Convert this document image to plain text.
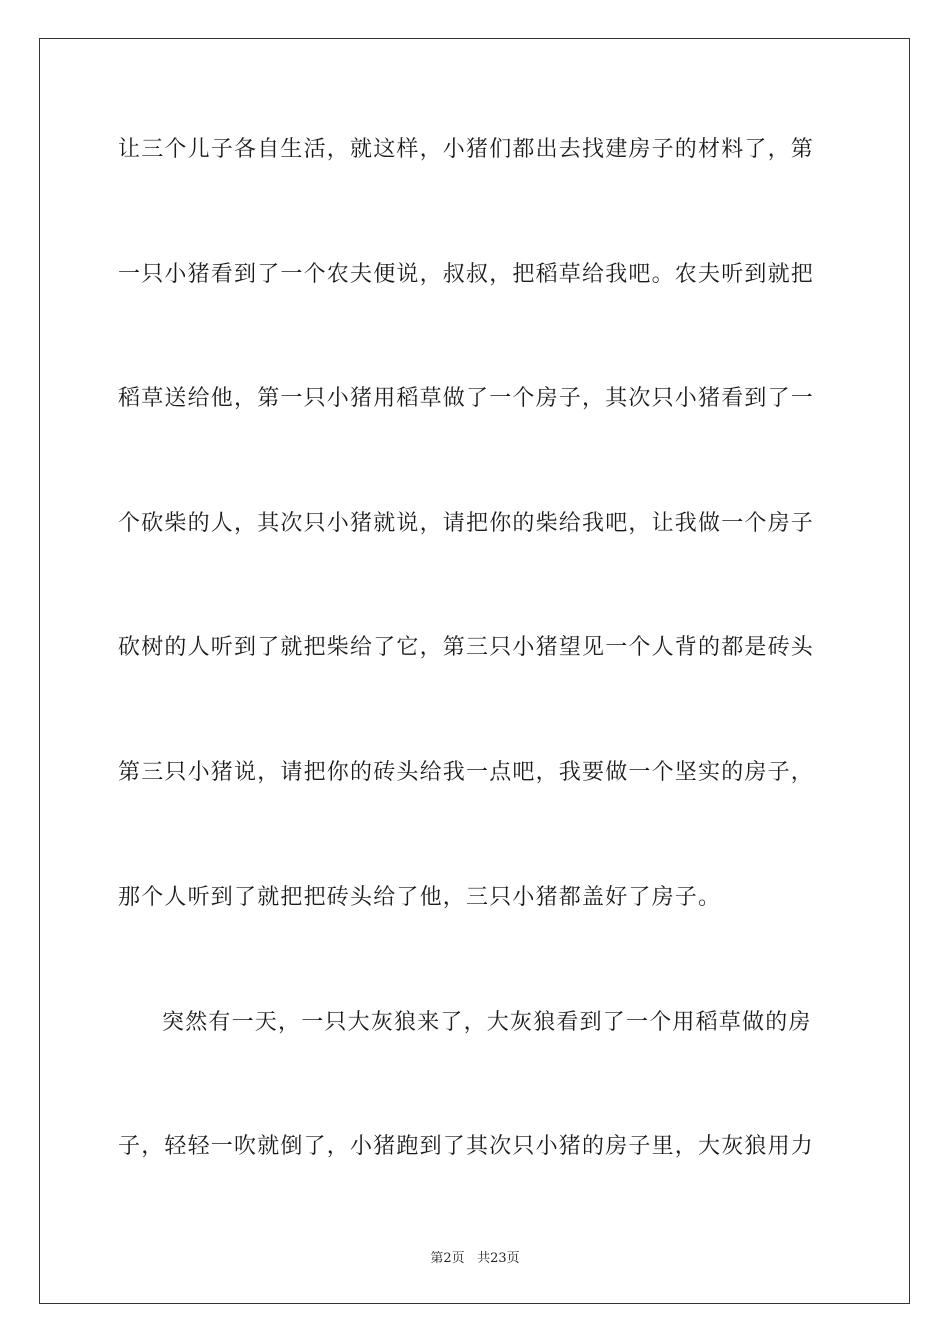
让三个儿子各自生活，就这样，小猪们都出去找建房子的材料了，第
一只小猪看到了一个农夫便说，叔叔，把稻草给我吧。农夫听到就把
稻草送给他，第一只小猪用稻草做了一个房子，其次只小猪看到了一
个砍柴的人，其次只小猪就说，请把你的柴给我吧，让我做一个房子
砍树的人听到了就把柴给了它，第三只小猪望见一个人背的都是砖头
第三只小猪说，请把你的砖头给我一点吧，我要做一个坚实的房子，
那个人听到了就把把砖头给了他，三只小猪都盖好了房子。
突然有一天，一只大灰狼来了，大灰狼看到了一个用稻草做的房
子，轻轻一吹就倒了，小猪跑到了其次只小猪的房子里，大灰狼用力
第2页 共23页
